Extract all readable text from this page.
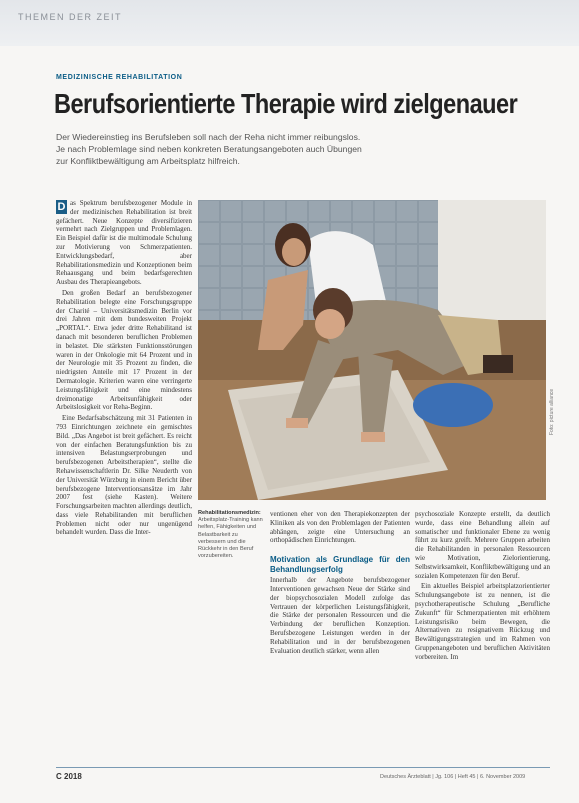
THEMEN DER ZEIT
MEDIZINISCHE REHABILITATION
Berufsorientierte Therapie wird zielgenauer
Der Wiedereinstieg ins Berufsleben soll nach der Reha nicht immer reibungslos.
Je nach Problemlage sind neben konkreten Beratungsangeboten auch Übungen
zur Konfliktbewältigung am Arbeitsplatz hilfreich.

D as Spektrum berufsbezogener Module in der medizinischen Rehabilitation ist breit gefächert. Neue Konzepte diversifizieren vermehrt nach Zielgruppen und Problemlagen. Ein Beispiel dafür ist die multimodale Schulung zur Motivierung von Schmerzpatienten. Entwicklungsbedarf, aber Rehabilitationsmedizin und Konzeptionen beim Rehaausgang und beim bedarfsgerechten Ausbau des Therapieangebots.

Den großen Bedarf an berufsbezogener Rehabilitation belegte eine Forschungsgruppe der Charité – Universitätsmedizin Berlin vor drei Jahren mit dem bundesweiten Projekt „PORTAL“. Etwa jeder dritte Rehabilitand ist danach mit besonderen beruflichen Problemen in belastet. Die stärksten Funktionsstörungen waren in der Onkologie mit 64 Prozent und in der Neurologie mit 35 Prozent zu finden, die niedrigsten Anteile mit 17 Prozent in der Dermatologie. Kriterien waren eine verringerte Leistungsfähigkeit und eine mindestens dreimonatige Arbeitsunfähigkeit oder Arbeitslosigkeit vor Reha-Beginn.

Eine Bedarfsabschätzung mit 31 Patienten in 793 Einrichtungen zeichnete ein gemischtes Bild. „Das Angebot ist breit gefächert. Es reicht von der einfachen Beratungsfunktion bis zu intensiven Belastungserprobungen und berufsbezogenen Arbeitstherapien“, stellte die Rehawissenschaftlerin Dr. Silke Neuderth von der Universität Würzburg in einem Bericht über berufsbezogene Interventionsansätze im Jahr 2007 fest (siehe Kasten). Weitere Forschungsarbeiten machten allerdings deutlich, dass viele Rehabilitanden mit beruflichen Problemen nicht oder nur ungenügend behandelt wurden. Dass die Inter-

Foto: picture alliance
Rehabilitationsmedizin: Arbeitsplatz-Training kann helfen, Fähigkeiten und Belastbarkeit zu verbessern und die Rückkehr in den Beruf vorzubereiten.

ventionen eher von den Therapiekonzepten der Kliniken als von den Problemlagen der Patienten abhängen, zeigte eine Untersuchung an orthopädischen Einrichtungen.

Motivation als Grundlage für den Behandlungserfolg

Innerhalb der Angebote berufsbezogener Interventionen gewachsen Neue der Stärke sind der biopsychosozialen Modell zufolge das Vertrauen der körperlichen Leistungsfähigkeit, die Stärke der personalen Ressourcen und die Verbindung der beruflichen Konzeption. Berufsbezogene Leistungen werden in der Rehabilitation und in der berufsbezogenen Evaluation deutlich stärker, wenn allen

psychosoziale Konzepte erstellt, da deutlich wurde, dass eine Behandlung allein auf somatischer und funktionaler Ebene zu wenig führt zu kurz greift. Mehrere Gruppen arbeiten die Rehabilitanden in personalen Ressourcen wie Motivation, Zielorientierung, Selbstwirksamkeit, Konfliktbewältigung und an sozialen Kompetenzen für den Beruf.

Ein aktuelles Beispiel arbeitsplatzorientierter Schulungsangebote ist zu nennen, ist die psychotherapeutische Schulung „Berufliche Zukunft“ für Schmerzpatienten mit erhöhtem Leistungsrisiko beim Bewegen, die Alternativen zu resignativem Rückzug und Bewältigungsstrategien und im Rahmen von Gruppenangeboten und beruflichen Aktivitäten vorbereiten. Im

C 2018	Deutsches Ärzteblatt | Jg. 106 | Heft 45 | 6. November 2009
